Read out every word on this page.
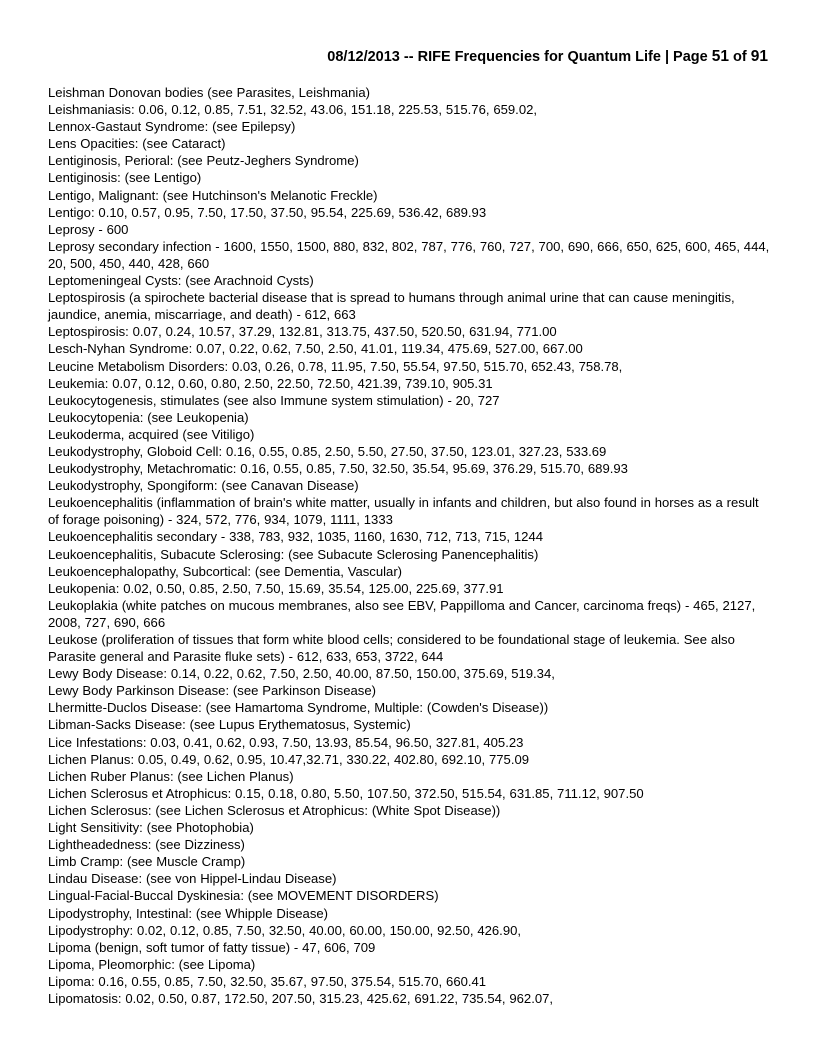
08/12/2013 -- RIFE Frequencies for Quantum Life | Page 51 of 91

Leishman Donovan bodies (see Parasites, Leishmania)

Leishmaniasis: 0.06, 0.12, 0.85, 7.51, 32.52, 43.06, 151.18, 225.53, 515.76, 659.02,

Lennox-Gastaut Syndrome: (see Epilepsy)

Lens Opacities: (see Cataract)

Lentiginosis, Perioral: (see Peutz-Jeghers Syndrome)

Lentiginosis: (see Lentigo)

Lentigo, Malignant: (see Hutchinson's Melanotic Freckle)

Lentigo: 0.10, 0.57, 0.95, 7.50, 17.50, 37.50, 95.54, 225.69, 536.42, 689.93

Leprosy - 600

Leprosy secondary infection - 1600, 1550, 1500, 880, 832, 802, 787, 776, 760, 727, 700, 690, 666, 650, 625, 600, 465, 444, 20, 500, 450, 440, 428, 660

Leptomeningeal Cysts: (see Arachnoid Cysts)

Leptospirosis (a spirochete bacterial disease that is spread to humans through animal urine that can cause meningitis, jaundice, anemia, miscarriage, and death) - 612, 663

Leptospirosis: 0.07, 0.24, 10.57, 37.29, 132.81, 313.75, 437.50, 520.50, 631.94, 771.00

Lesch-Nyhan Syndrome: 0.07, 0.22, 0.62, 7.50, 2.50, 41.01, 119.34, 475.69, 527.00, 667.00

Leucine Metabolism Disorders: 0.03, 0.26, 0.78, 11.95, 7.50, 55.54, 97.50, 515.70, 652.43, 758.78,

Leukemia: 0.07, 0.12, 0.60, 0.80, 2.50, 22.50, 72.50, 421.39, 739.10, 905.31

Leukocytogenesis, stimulates (see also Immune system stimulation) - 20, 727

Leukocytopenia: (see Leukopenia)

Leukoderma, acquired (see Vitiligo)

Leukodystrophy, Globoid Cell: 0.16, 0.55, 0.85, 2.50, 5.50, 27.50, 37.50, 123.01, 327.23, 533.69

Leukodystrophy, Metachromatic: 0.16, 0.55, 0.85, 7.50, 32.50, 35.54, 95.69, 376.29, 515.70, 689.93

Leukodystrophy, Spongiform: (see Canavan Disease)

Leukoencephalitis (inflammation of brain's white matter, usually in infants and children, but also found in horses as a result of forage poisoning) - 324, 572, 776, 934, 1079, 1111, 1333

Leukoencephalitis secondary - 338, 783, 932, 1035, 1160, 1630, 712, 713, 715, 1244

Leukoencephalitis, Subacute Sclerosing: (see Subacute Sclerosing Panencephalitis)

Leukoencephalopathy, Subcortical: (see Dementia, Vascular)

Leukopenia: 0.02, 0.50, 0.85, 2.50, 7.50, 15.69, 35.54, 125.00, 225.69, 377.91

Leukoplakia (white patches on mucous membranes, also see EBV, Pappilloma and Cancer, carcinoma freqs) - 465, 2127, 2008, 727, 690, 666

Leukose (proliferation of tissues that form white blood cells; considered to be foundational stage of leukemia. See also Parasite general and Parasite fluke sets) - 612, 633, 653, 3722, 644

Lewy Body Disease: 0.14, 0.22, 0.62, 7.50, 2.50, 40.00, 87.50, 150.00, 375.69, 519.34,

Lewy Body Parkinson Disease: (see Parkinson Disease)

Lhermitte-Duclos Disease: (see Hamartoma Syndrome, Multiple: (Cowden's Disease))

Libman-Sacks Disease: (see Lupus Erythematosus, Systemic)

Lice Infestations: 0.03, 0.41, 0.62, 0.93, 7.50, 13.93, 85.54, 96.50, 327.81, 405.23

Lichen Planus: 0.05, 0.49, 0.62, 0.95, 10.47,32.71, 330.22, 402.80, 692.10, 775.09

Lichen Ruber Planus: (see Lichen Planus)

Lichen Sclerosus et Atrophicus: 0.15, 0.18, 0.80, 5.50, 107.50, 372.50, 515.54, 631.85, 711.12, 907.50

Lichen Sclerosus: (see Lichen Sclerosus et Atrophicus: (White Spot Disease))

Light Sensitivity: (see Photophobia)

Lightheadedness: (see Dizziness)

Limb Cramp: (see Muscle Cramp)

Lindau Disease: (see von Hippel-Lindau Disease)

Lingual-Facial-Buccal Dyskinesia: (see MOVEMENT DISORDERS)

Lipodystrophy, Intestinal: (see Whipple Disease)

Lipodystrophy: 0.02, 0.12, 0.85, 7.50, 32.50, 40.00, 60.00, 150.00, 92.50, 426.90,

Lipoma (benign, soft tumor of fatty tissue) - 47, 606, 709

Lipoma, Pleomorphic: (see Lipoma)

Lipoma: 0.16, 0.55, 0.85, 7.50, 32.50, 35.67, 97.50, 375.54, 515.70, 660.41

Lipomatosis: 0.02, 0.50, 0.87, 172.50, 207.50, 315.23, 425.62, 691.22, 735.54, 962.07,
